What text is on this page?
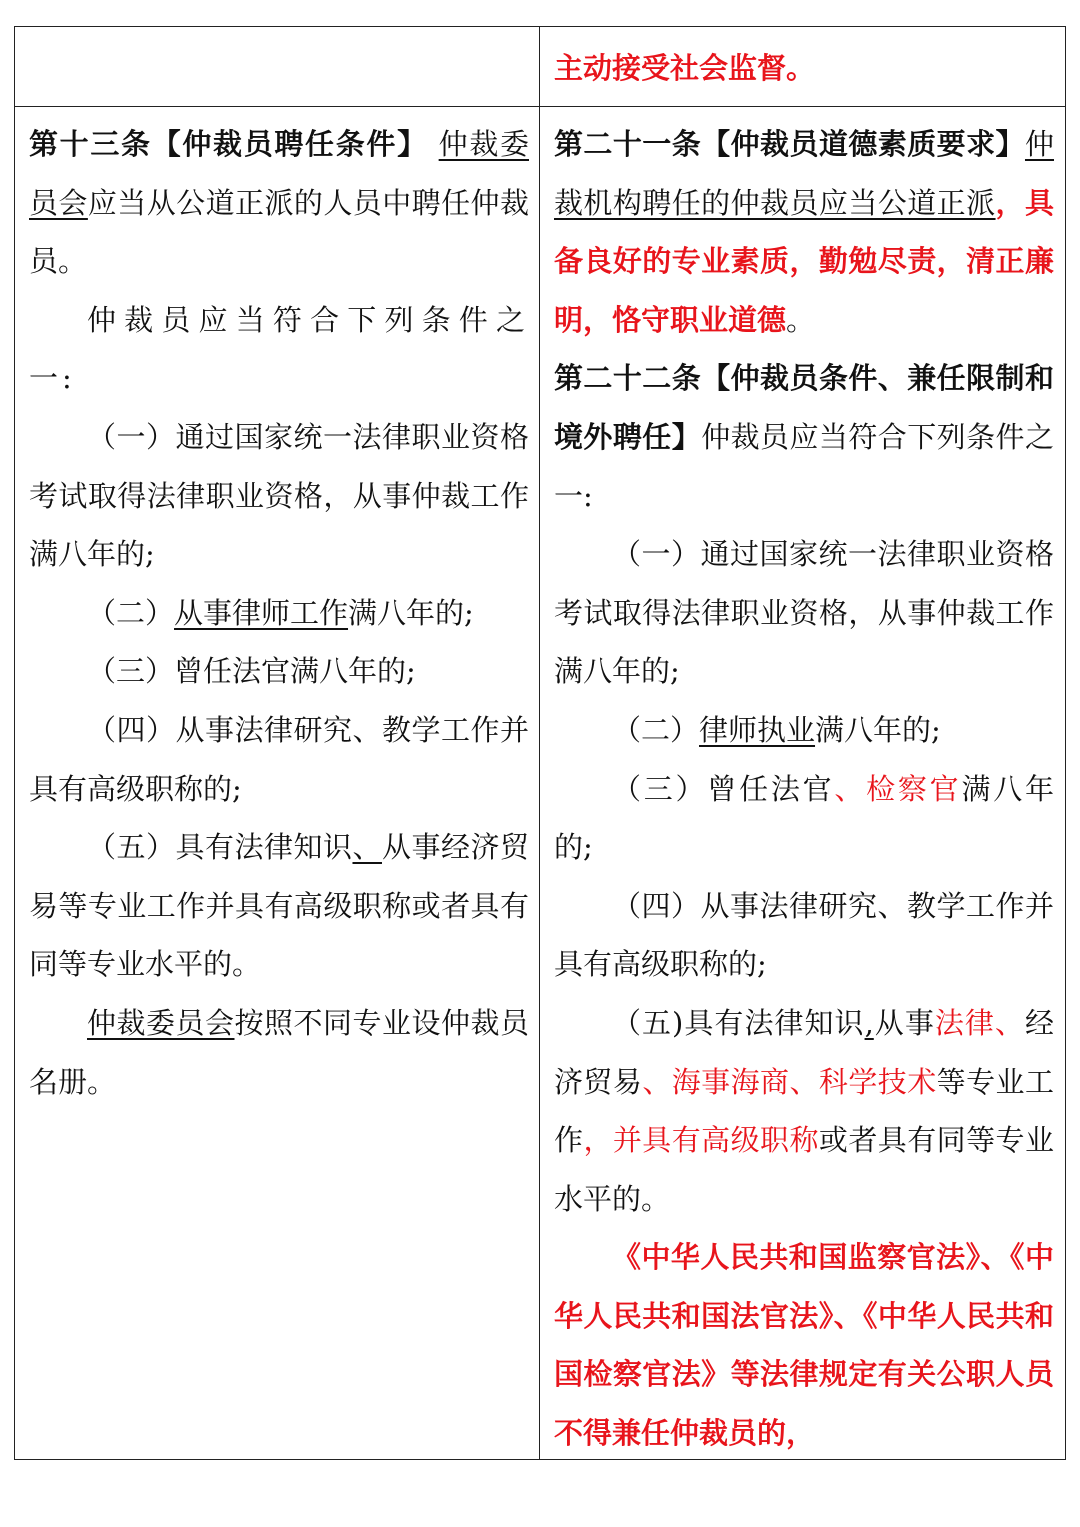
主动接受社会监督。

第十三条【仲裁员聘任条件】 仲裁委员会应当从公道正派的人员中聘任仲裁员。

仲裁员应当符合下列条件之一:

（一）通过国家统一法律职业资格考试取得法律职业资格，从事仲裁工作满八年的;

（二）从事律师工作满八年的;

（三）曾任法官满八年的;

（四）从事法律研究、教学工作并具有高级职称的;

（五）具有法律知识、从事经济贸易等专业工作并具有高级职称或者具有同等专业水平的。

仲裁委员会按照不同专业设仲裁员名册。

第二十一条【仲裁员道德素质要求】仲裁机构聘任的仲裁员应当公道正派，具备良好的专业素质，勤勉尽责，清正廉明，恪守职业道德。

第二十二条【仲裁员条件、兼任限制和境外聘任】仲裁员应当符合下列条件之一:

（一）通过国家统一法律职业资格考试取得法律职业资格，从事仲裁工作满八年的;

（二）律师执业满八年的;

（三）曾任法官、检察官满八年的;

（四）从事法律研究、教学工作并具有高级职称的;

（五)具有法律知识,从事法律、经济贸易、海事海商、科学技术等专业工作，并具有高级职称或者具有同等专业水平的。

《中华人民共和国监察官法》、《中华人民共和国法官法》、《中华人民共和国检察官法》等法律规定有关公职人员不得兼任仲裁员的，
